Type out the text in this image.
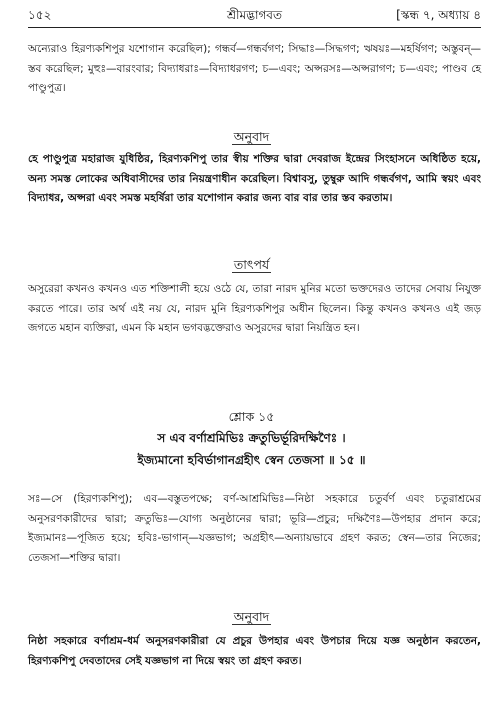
১৫২	শ্রীমদ্ভাগবত	[স্কন্ধ ৭, অধ্যায় ৪

অন্যেরাও হিরণ্যকশিপুর যশোগান করেছিল); গন্ধর্ব—গন্ধর্বগণ; সিদ্ধাঃ—সিদ্ধগণ; ঋষয়ঃ—মহর্ষিগণ; অস্তুবন্—স্তব করেছিল; মুহুঃ—বারংবার; বিদ্যাধরাঃ—বিদ্যাধরগণ; চ—এবং; অপ্সরসঃ—অপ্সরাগণ; চ—এবং; পাণ্ডব হে পাণ্ডুপুত্র।

অনুবাদ

হে পাণ্ডুপুত্র মহারাজ যুধিষ্ঠির, হিরণ্যকশিপু তার স্বীয় শক্তির দ্বারা দেবরাজ ইন্দ্রের সিংহাসনে অধিষ্ঠিত হয়ে, অন্য সমস্ত লোকের অধিবাসীদের তার নিয়ন্ত্রণাধীন করেছিল। বিশ্বাবসু, তুম্বুরু আদি গন্ধর্বগণ, আমি স্বয়ং এবং বিদ্যাধর, অপ্সরা এবং সমস্ত মহর্ষিরা তার যশোগান করার জন্য বার বার তার স্তব করতাম।

তাৎপর্য

অসুরেরা কখনও কখনও এত শক্তিশালী হয়ে ওঠে যে, তারা নারদ মুনির মতো ভক্তদেরও তাদের সেবায় নিযুক্ত করতে পারে। তার অর্থ এই নয় যে, নারদ মুনি হিরণ্যকশিপুর অধীন ছিলেন। কিন্তু কখনও কখনও এই জড় জগতে মহান ব্যক্তিরা, এমন কি মহান ভগবদ্ভক্তেরাও অসুরদের দ্বারা নিয়ন্ত্রিত হন।

শ্লোক ১৫

স এব বর্ণাশ্রমিভিঃ ক্রতুভির্ভূরিদক্ষিণৈঃ ।

ইজ্যমানো হবির্ভাগানগ্রহীৎ স্বেন তেজসা ॥ ১৫ ॥

সঃ—সে (হিরণ্যকশিপু); এব—বস্তুতপক্ষে; বর্ণ-আশ্রমিভিঃ—নিষ্ঠা সহকারে চতুর্বর্ণ এবং চতুরাশ্রমের অনুসরণকারীদের দ্বারা; ক্রতুভিঃ—যোগ্য অনুষ্ঠানের দ্বারা; ভূরি—প্রচুর; দক্ষিণৈঃ—উপহার প্রদান করে; ইজ্যমানঃ—পূজিত হয়ে; হবিঃ-ভাগান্—যজ্ঞভাগ; অগ্রহীৎ—অন্যায়ভাবে গ্রহণ করত; স্বেন—তার নিজের; তেজসা—শক্তির দ্বারা।

অনুবাদ

নিষ্ঠা সহকারে বর্ণাশ্রম-ধর্ম অনুসরণকারীরা যে প্রচুর উপহার এবং উপচার দিয়ে যজ্ঞ অনুষ্ঠান করতেন, হিরণ্যকশিপু দেবতাদের সেই যজ্ঞভাগ না দিয়ে স্বয়ং তা গ্রহণ করত।
